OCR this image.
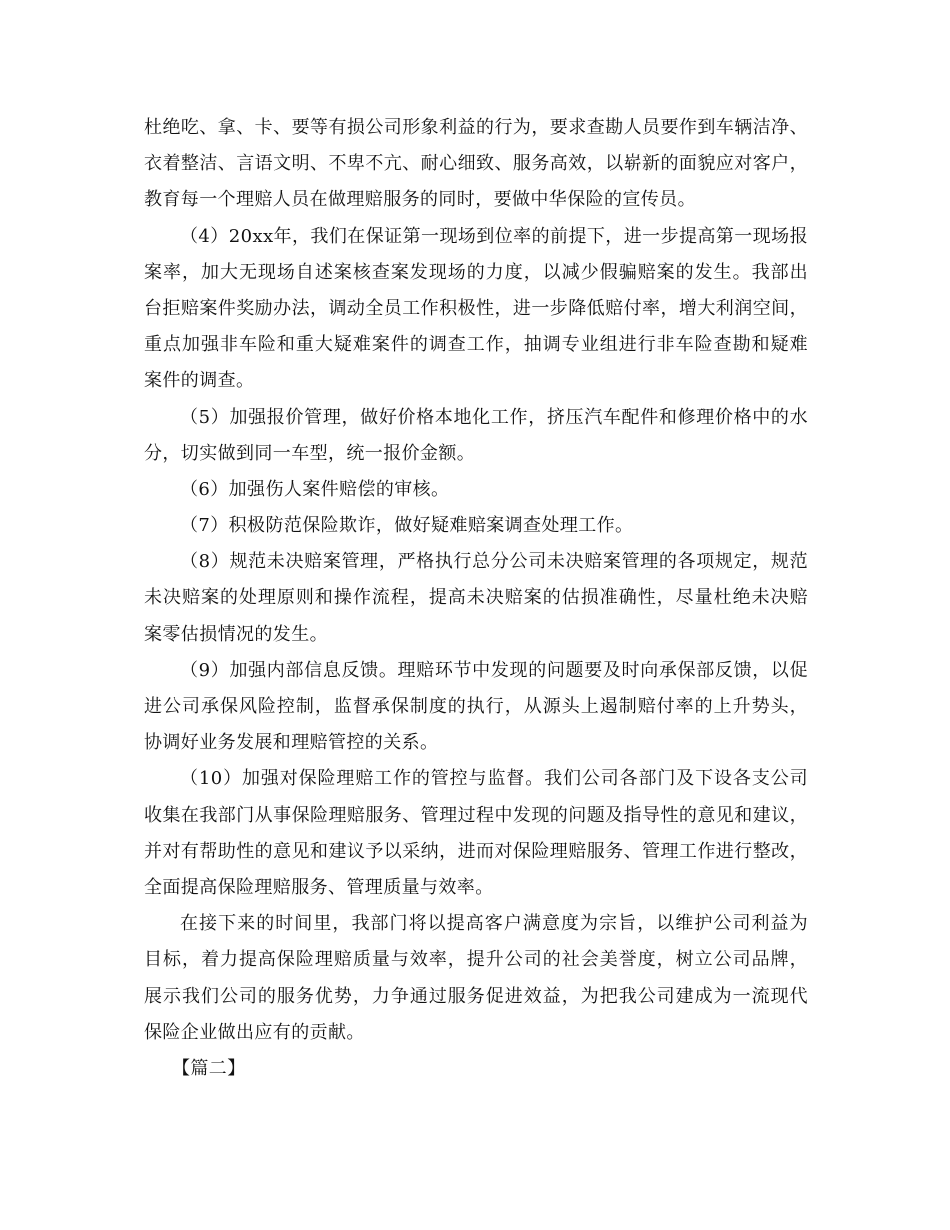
杜绝吃、拿、卡、要等有损公司形象利益的行为，要求查勘人员要作到车辆洁净、
衣着整洁、言语文明、不卑不亢、耐心细致、服务高效，以崭新的面貌应对客户，
教育每一个理赔人员在做理赔服务的同时，要做中华保险的宣传员。
（4）20xx年，我们在保证第一现场到位率的前提下，进一步提高第一现场报
案率，加大无现场自述案核查案发现场的力度，以减少假骗赔案的发生。我部出
台拒赔案件奖励办法，调动全员工作积极性，进一步降低赔付率，增大利润空间，
重点加强非车险和重大疑难案件的调查工作，抽调专业组进行非车险查勘和疑难
案件的调查。
（5）加强报价管理，做好价格本地化工作，挤压汽车配件和修理价格中的水
分，切实做到同一车型，统一报价金额。
（6）加强伤人案件赔偿的审核。
（7）积极防范保险欺诈，做好疑难赔案调查处理工作。
（8）规范未决赔案管理，严格执行总分公司未决赔案管理的各项规定，规范
未决赔案的处理原则和操作流程，提高未决赔案的估损准确性，尽量杜绝未决赔
案零估损情况的发生。
（9）加强内部信息反馈。理赔环节中发现的问题要及时向承保部反馈，以促
进公司承保风险控制，监督承保制度的执行，从源头上遏制赔付率的上升势头，
协调好业务发展和理赔管控的关系。
（10）加强对保险理赔工作的管控与监督。我们公司各部门及下设各支公司
收集在我部门从事保险理赔服务、管理过程中发现的问题及指导性的意见和建议，
并对有帮助性的意见和建议予以采纳，进而对保险理赔服务、管理工作进行整改，
全面提高保险理赔服务、管理质量与效率。
在接下来的时间里，我部门将以提高客户满意度为宗旨，以维护公司利益为
目标，着力提高保险理赔质量与效率，提升公司的社会美誉度，树立公司品牌，
展示我们公司的服务优势，力争通过服务促进效益，为把我公司建成为一流现代
保险企业做出应有的贡献。
【篇二】
